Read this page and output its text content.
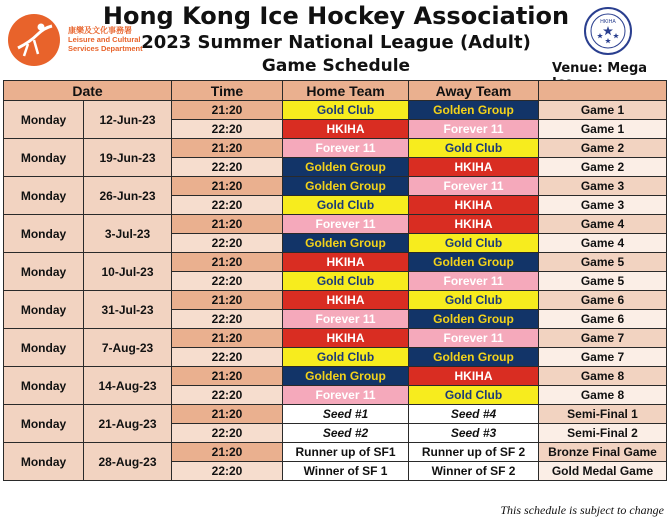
康樂及文化事務署
Leisure and Cultural
Services Department
Hong Kong Ice Hockey Association
2023 Summer National League (Adult)
Game Schedule
HKIHA
Venue: Mega
Date		Time	Home Team	Away Team	
Monday	12-Jun-23	21:20	Gold Club	Golden Group	Game 1
		22:20	HKIHA	Forever 11	Game 1
Monday	19-Jun-23	21:20	Forever 11	Gold Club	Game 2
		22:20	Golden Group	HKIHA	Game 2
Monday	26-Jun-23	21:20	Golden Group	Forever 11	Game 3
		22:20	Gold Club	HKIHA	Game 3
Monday	3-Jul-23	21:20	Forever 11	HKIHA	Game 4
		22:20	Golden Group	Gold Club	Game 4
Monday	10-Jul-23	21:20	HKIHA	Golden Group	Game 5
		22:20	Gold Club	Forever 11	Game 5
Monday	31-Jul-23	21:20	HKIHA	Gold Club	Game 6
		22:20	Forever 11	Golden Group	Game 6
Monday	7-Aug-23	21:20	HKIHA	Forever 11	Game 7
		22:20	Gold Club	Golden Group	Game 7
Monday	14-Aug-23	21:20	Golden Group	HKIHA	Game 8
		22:20	Forever 11	Gold Club	Game 8
Monday	21-Aug-23	21:20	Seed #1	Seed #4	Semi-Final 1
		22:20	Seed #2	Seed #3	Semi-Final 2
Monday	28-Aug-23	21:20	Runner up of SF1	Runner up of SF 2	Bronze Final Game
		22:20	Winner of SF 1	Winner of SF 2	Gold Medal Game
This schedule is subject to change
